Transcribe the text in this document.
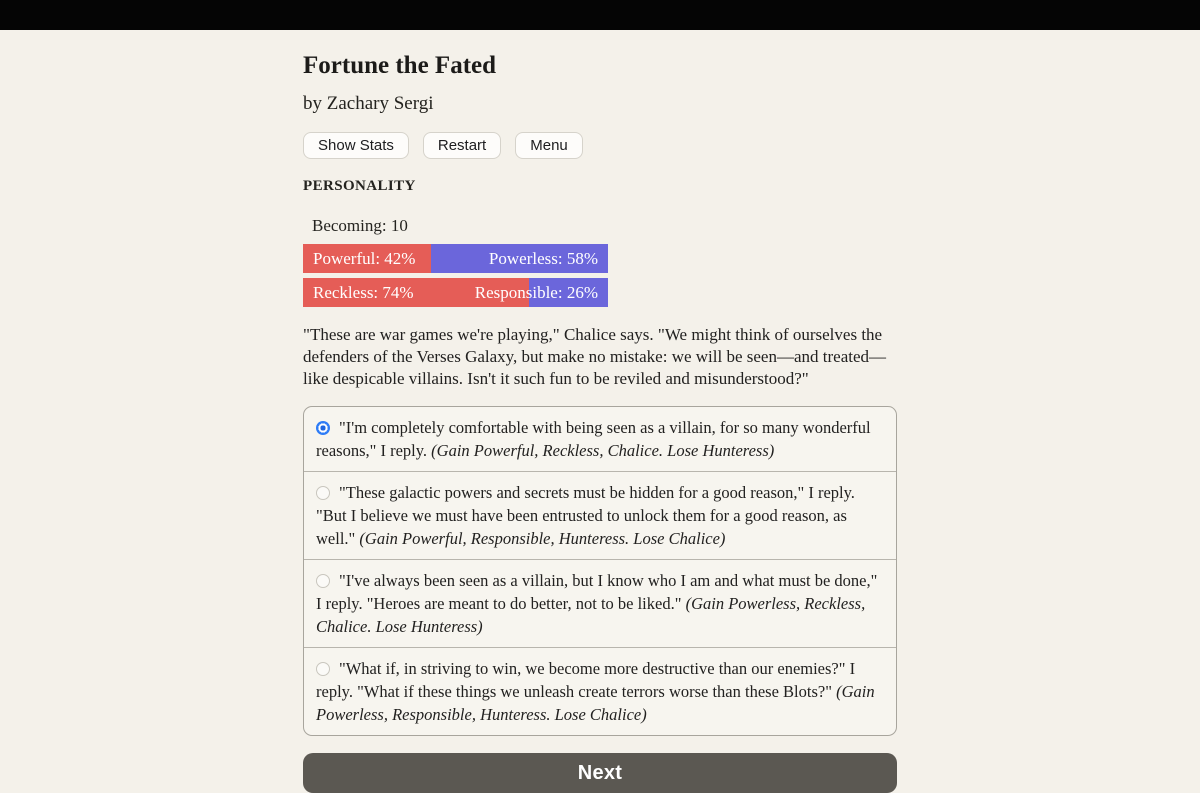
Fortune the Fated
by Zachary Sergi
Show Stats	Restart	Menu
PERSONALITY
Becoming: 10
Powerful: 42%	Powerless: 58%
Reckless: 74%	Responsible: 26%

"These are war games we're playing," Chalice says. "We might think of ourselves the defenders of the Verses Galaxy, but make no mistake: we will be seen—and treated—like despicable villains. Isn't it such fun to be reviled and misunderstood?"

"I'm completely comfortable with being seen as a villain, for so many wonderful reasons," I reply. (Gain Powerful, Reckless, Chalice. Lose Hunteress)
"These galactic powers and secrets must be hidden for a good reason," I reply. "But I believe we must have been entrusted to unlock them for a good reason, as well." (Gain Powerful, Responsible, Hunteress. Lose Chalice)
"I've always been seen as a villain, but I know who I am and what must be done," I reply. "Heroes are meant to do better, not to be liked." (Gain Powerless, Reckless, Chalice. Lose Hunteress)
"What if, in striving to win, we become more destructive than our enemies?" I reply. "What if these things we unleash create terrors worse than these Blots?" (Gain Powerless, Responsible, Hunteress. Lose Chalice)
Next
